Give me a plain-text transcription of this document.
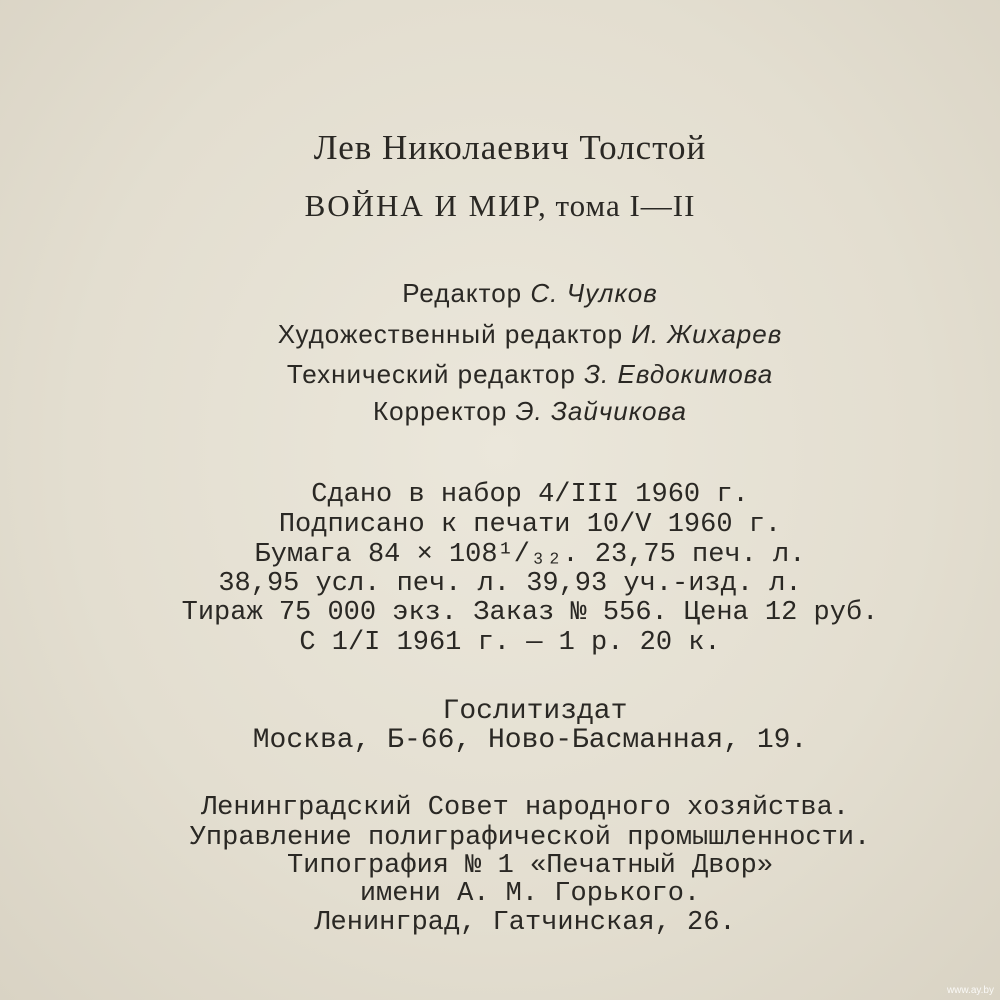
Лев Николаевич Толстой
ВОЙНА И МИР, тома I—II
Редактор С. Чулков
Художественный редактор И. Жихарев
Технический редактор З. Евдокимова
Корректор Э. Зайчикова
Сдано в набор 4/III 1960 г.
Подписано к печати 10/V 1960 г.
Бумага 84 × 108¹/₃₂. 23,75 печ. л.
38,95 усл. печ. л. 39,93 уч.-изд. л.
Тираж 75 000 экз. Заказ № 556. Цена 12 руб.
С 1/I 1961 г. — 1 р. 20 к.
Гослитиздат
Москва, Б-66, Ново-Басманная, 19.
Ленинградский Совет народного хозяйства.
Управление полиграфической промышленности.
Типография № 1 «Печатный Двор»
имени А. М. Горького.
Ленинград, Гатчинская, 26.
www.ay.by
